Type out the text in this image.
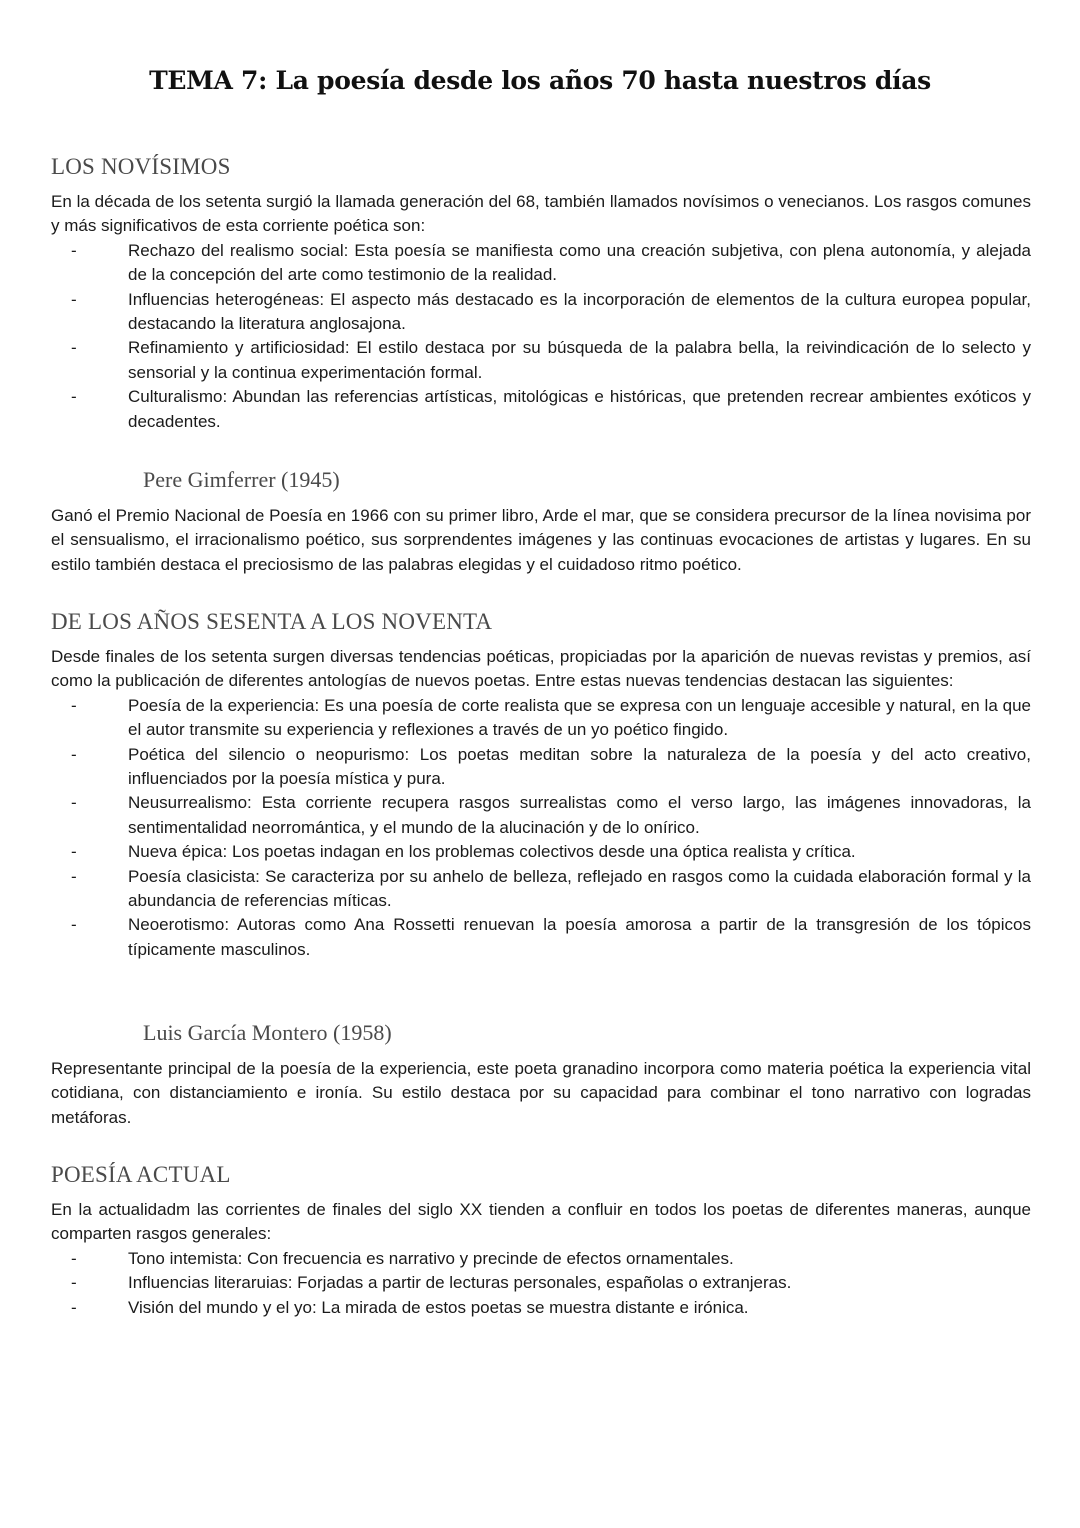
TEMA 7: La poesía desde los años 70 hasta nuestros días
LOS NOVÍSIMOS

En la década de los setenta surgió la llamada generación del 68, también llamados novísimos o venecianos. Los rasgos comunes y más significativos de esta corriente poética son:

-	Rechazo del realismo social: Esta poesía se manifiesta como una creación subjetiva, con plena autonomía, y alejada de la concepción del arte como testimonio de la realidad.
-	Influencias heterogéneas: El aspecto más destacado es la incorporación de elementos de la cultura europea popular, destacando la literatura anglosajona.
-	Refinamiento y artificiosidad: El estilo destaca por su búsqueda de la palabra bella, la reivindicación de lo selecto y sensorial y la continua experimentación formal.
-	Culturalismo: Abundan las referencias artísticas, mitológicas e históricas, que pretenden recrear ambientes exóticos y decadentes.
Pere Gimferrer (1945)

Ganó el Premio Nacional de Poesía en 1966 con su primer libro, Arde el mar, que se considera precursor de la línea novisima por el sensualismo, el irracionalismo poético, sus sorprendentes imágenes y las continuas evocaciones de artistas y lugares. En su estilo también destaca el preciosismo de las palabras elegidas y el cuidadoso ritmo poético.

DE LOS AÑOS SESENTA A LOS NOVENTA

Desde finales de los setenta surgen diversas tendencias poéticas, propiciadas por la aparición de nuevas revistas y premios, así como la publicación de diferentes antologías de nuevos poetas. Entre estas nuevas tendencias destacan las siguientes:

-	Poesía de la experiencia: Es una poesía de corte realista que se expresa con un lenguaje accesible y natural, en la que el autor transmite su experiencia y reflexiones a través de un yo poético fingido.
-	Poética del silencio o neopurismo: Los poetas meditan sobre la naturaleza de la poesía y del acto creativo, influenciados por la poesía mística y pura.
-	Neusurrealismo: Esta corriente recupera rasgos surrealistas como el verso largo, las imágenes innovadoras, la sentimentalidad neorromántica, y el mundo de la alucinación y de lo onírico.
-	Nueva épica: Los poetas indagan en los problemas colectivos desde una óptica realista y crítica.
-	Poesía clasicista: Se caracteriza por su anhelo de belleza, reflejado en rasgos como la cuidada elaboración formal y la abundancia de referencias míticas.
-	Neoerotismo: Autoras como Ana Rossetti renuevan la poesía amorosa a partir de la transgresión de los tópicos típicamente masculinos.
Luis García Montero (1958)

Representante principal de la poesía de la experiencia, este poeta granadino incorpora como materia poética la experiencia vital cotidiana, con distanciamiento e ironía. Su estilo destaca por su capacidad para combinar el tono narrativo con logradas metáforas.

POESÍA ACTUAL

En la actualidadm las corrientes de finales del siglo XX tienden a confluir en todos los poetas de diferentes maneras, aunque comparten rasgos generales:

-	Tono intemista: Con frecuencia es narrativo y precinde de efectos ornamentales.
-	Influencias literaruias: Forjadas a partir de lecturas personales, españolas o extranjeras.
-	Visión del mundo y el yo: La mirada de estos poetas se muestra distante e irónica.
